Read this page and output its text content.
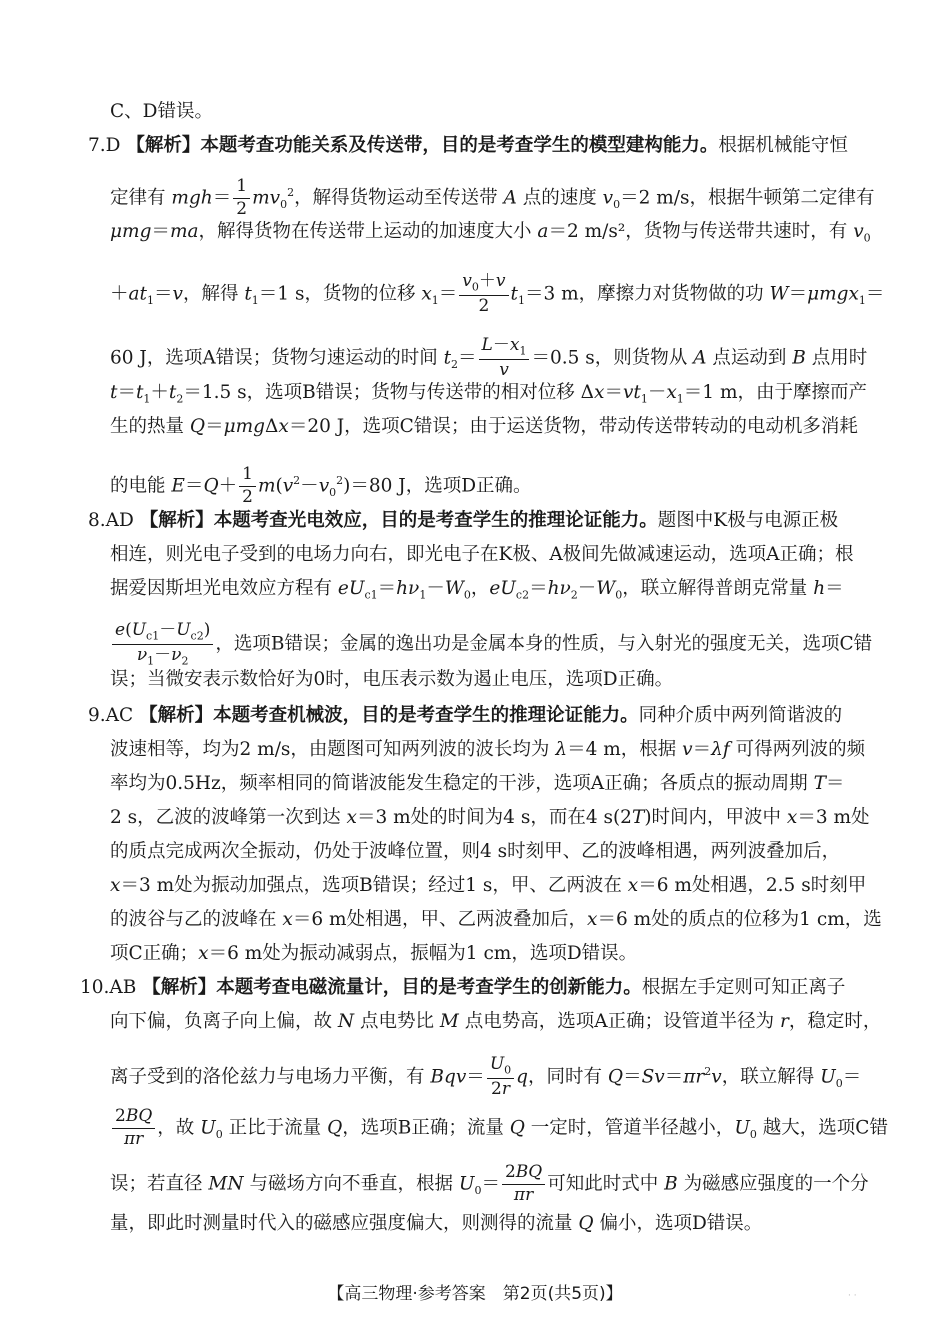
C、D错误。
7.D 【解析】本题考查功能关系及传送带，目的是考查学生的模型建构能力。根据机械能守恒
定律有 $mgh= \frac{1}{2} mv_0^2$，解得货物运动至传送带 A 点的速度 $v_0=2$ m/s，根据牛顿第二定律有
μmg＝ma，解得货物在传送带上运动的加速度大小 a＝2 m/s²，货物与传送带共速时，有 $v_0$
$+at_1=v$，解得 $t_1=1$ s，货物的位移 $x_1= \frac{v_0+v}{2} t_1=3$ m，摩擦力对货物做的功 W＝μmgx$_1$＝
60 J，选项A错误；货物匀速运动的时间 $t_2= \frac{L-x_1}{v} =0.5$ s，则货物从 A 点运动到 B 点用时
$t=t_1+t_2=1.5$ s，选项B错误；货物与传送带的相对位移 $\Delta x=vt_1-x_1=1$ m，由于摩擦而产
生的热量 Q＝μmgΔx＝20 J，选项C错误；由于运送货物，带动传送带转动的电动机多消耗
的电能 $E=Q+ \frac{1}{2} m(v^2-v_0^2)=80$ J，选项D正确。
8.AD 【解析】本题考查光电效应，目的是考查学生的推理论证能力。题图中K极与电源正极
相连，则光电子受到的电场力向右，即光电子在K极、A极间先做减速运动，选项A正确；根
据爱因斯坦光电效应方程有 $eU_{c1}=h\nu_1-W_0$，$eU_{c2}=h\nu_2-W_0$，联立解得普朗克常量 h＝
$\frac{e(U_{c1}-U_{c2})}{\nu_1-\nu_2}$ ，选项B错误；金属的逸出功是金属本身的性质，与入射光的强度无关，选项C错
误；当微安表示数恰好为0时，电压表示数为遏止电压，选项D正确。
9.AC 【解析】本题考查机械波，目的是考查学生的推理论证能力。同种介质中两列简谐波的
波速相等，均为2 m/s，由题图可知两列波的波长均为 λ＝4 m，根据 v＝λf 可得两列波的频
率均为0.5Hz，频率相同的简谐波能发生稳定的干涉，选项A正确；各质点的振动周期 T＝
2 s，乙波的波峰第一次到达 x＝3 m处的时间为4 s，而在4 s(2T)时间内，甲波中 x＝3 m处
的质点完成两次全振动，仍处于波峰位置，则4 s时刻甲、乙的波峰相遇，两列波叠加后，
x＝3 m处为振动加强点，选项B错误；经过1 s，甲、乙两波在 x＝6 m处相遇，2.5 s时刻甲
的波谷与乙的波峰在 x＝6 m处相遇，甲、乙两波叠加后，x＝6 m处的质点的位移为1 cm，选
项C正确；x＝6 m处为振动减弱点，振幅为1 cm，选项D错误。
10.AB 【解析】本题考查电磁流量计，目的是考查学生的创新能力。根据左手定则可知正离子
向下偏，负离子向上偏，故 N 点电势比 M 点电势高，选项A正确；设管道半径为 r，稳定时，
离子受到的洛伦兹力与电场力平衡，有 $Bqv= \frac{U_0}{2r}$ q，同时有 $Q=Sv=\pi r^2v$，联立解得 $U_0=$
$\frac{2BQ}{\pi r}$ ，故 $U_0$ 正比于流量 Q，选项B正确；流量 Q 一定时，管道半径越小，$U_0$ 越大，选项C错
误；若直径 MN 与磁场方向不垂直，根据 $U_0= \frac{2BQ}{\pi r}$ 可知此时式中 B 为磁感应强度的一个分
量，即此时测量时代入的磁感应强度偏大，则测得的流量 Q 偏小，选项D错误。
【高三物理·参考答案　第2页(共5页)】	· ·
